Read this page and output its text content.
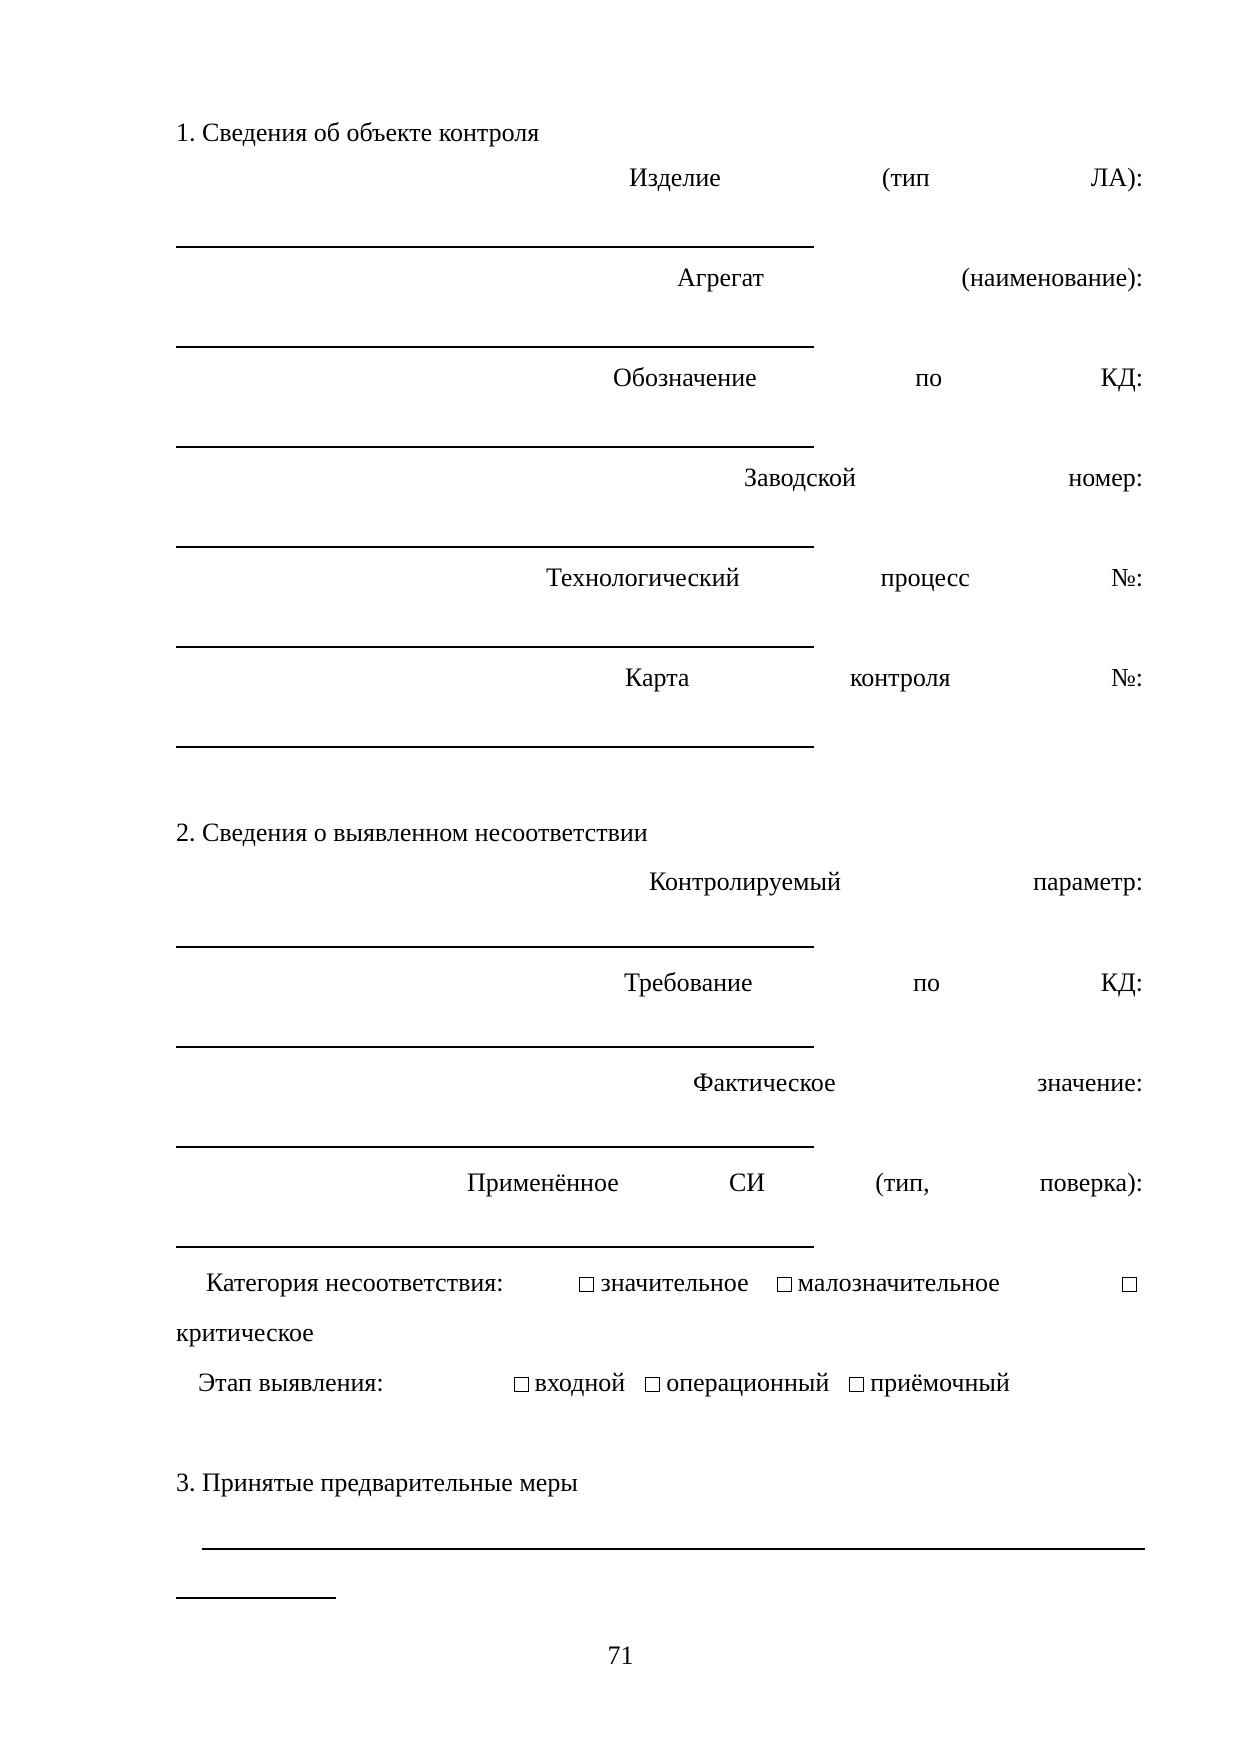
1. Сведения об объекте контроля
Изделие	(тип	ЛА):
Агрегат	(наименование):
Обозначение	по	КД:
Заводской	номер:
Технологический	процесс	№:
Карта	контроля	№:
2. Сведения о выявленном несоответствии
Контролируемый	параметр:
Требование	по	КД:
Фактическое	значение:
Применённое	СИ	(тип,	поверка):
Категория несоответствия:	значительное	малозначительное
критическое
Этап выявления:	входной	операционный	приёмочный
3. Принятые предварительные меры
71
